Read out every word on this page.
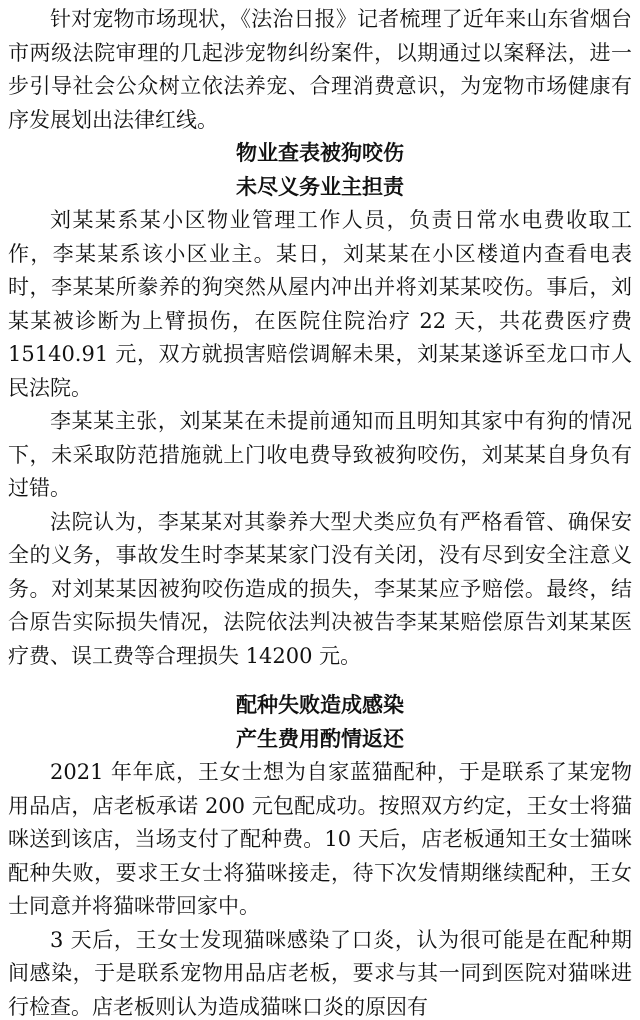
针对宠物市场现状，《法治日报》记者梳理了近年来山东省烟台市两级法院审理的几起涉宠物纠纷案件，以期通过以案释法，进一步引导社会公众树立依法养宠、合理消费意识，为宠物市场健康有序发展划出法律红线。

物业查表被狗咬伤
未尽义务业主担责

刘某某系某小区物业管理工作人员，负责日常水电费收取工作，李某某系该小区业主。某日，刘某某在小区楼道内查看电表时，李某某所豢养的狗突然从屋内冲出并将刘某某咬伤。事后，刘某某被诊断为上臂损伤，在医院住院治疗 22 天，共花费医疗费 15140.91 元，双方就损害赔偿调解未果，刘某某遂诉至龙口市人民法院。

李某某主张，刘某某在未提前通知而且明知其家中有狗的情况下，未采取防范措施就上门收电费导致被狗咬伤，刘某某自身负有过错。

法院认为，李某某对其豢养大型犬类应负有严格看管、确保安全的义务，事故发生时李某某家门没有关闭，没有尽到安全注意义务。对刘某某因被狗咬伤造成的损失，李某某应予赔偿。最终，结合原告实际损失情况，法院依法判决被告李某某赔偿原告刘某某医疗费、误工费等合理损失 14200 元。

配种失败造成感染
产生费用酌情返还

2021 年年底，王女士想为自家蓝猫配种，于是联系了某宠物用品店，店老板承诺 200 元包配成功。按照双方约定，王女士将猫咪送到该店，当场支付了配种费。10 天后，店老板通知王女士猫咪配种失败，要求王女士将猫咪接走，待下次发情期继续配种，王女士同意并将猫咪带回家中。

3 天后，王女士发现猫咪感染了口炎，认为很可能是在配种期间感染，于是联系宠物用品店老板，要求与其一同到医院对猫咪进行检查。店老板则认为造成猫咪口炎的原因有
